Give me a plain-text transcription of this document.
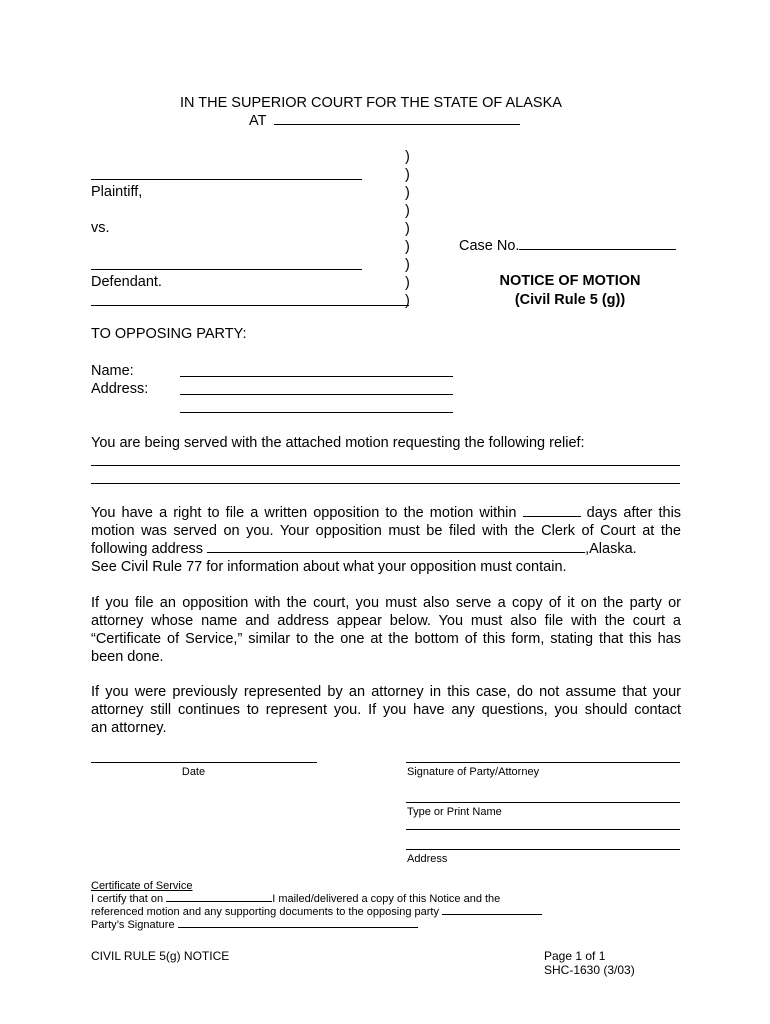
IN THE SUPERIOR COURT FOR THE STATE OF ALASKA
AT
Plaintiff,
vs.
Defendant.
)
)
)
)
)
)
)
)
)
Case No.
NOTICE OF MOTION
(Civil Rule 5 (g))
TO OPPOSING PARTY:
Name:
Address:
You are being served with the attached motion requesting the following relief:
You have a right to file a written opposition to the motion within	days after this
motion was served on you. Your opposition must be filed with the Clerk of Court at the
following address	,Alaska.
See Civil Rule 77 for information about what your opposition must contain.
If you file an opposition with the court, you must also serve a copy of it on the party or
attorney whose name and address appear below. You must also file with the court a
“Certificate of Service,” similar to the one at the bottom of this form, stating that this has
been done.
If you were previously represented by an attorney in this case, do not assume that your
attorney still continues to represent you. If you have any questions, you should contact
an attorney.
Date	Signature of Party/Attorney
Type or Print Name
Address
Certificate of Service
I certify that on	I mailed/delivered a copy of this Notice and the
referenced motion and any supporting documents to the opposing party
Party’s Signature
CIVIL RULE 5(g) NOTICE	Page 1 of 1
SHC-1630 (3/03)
